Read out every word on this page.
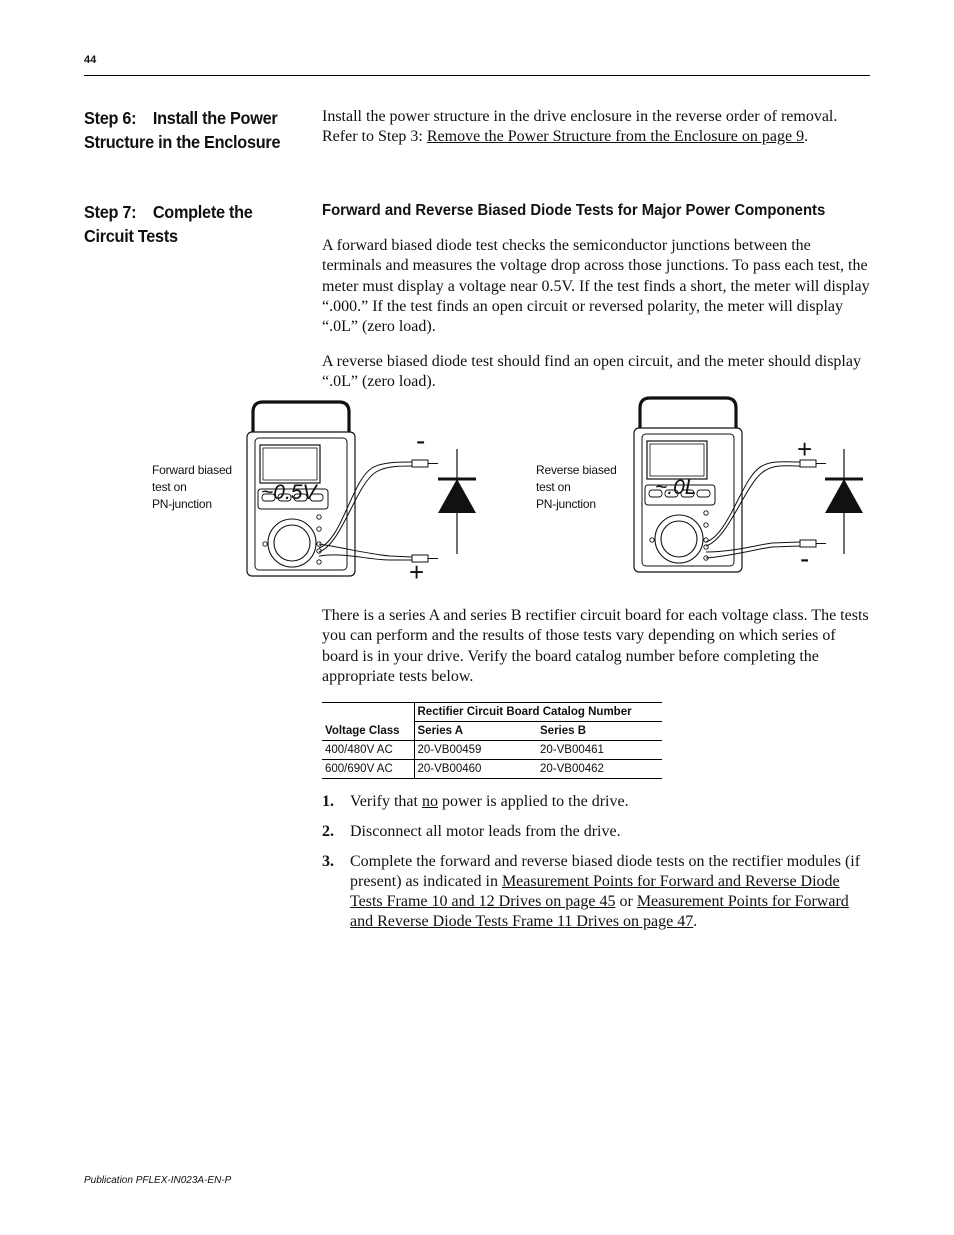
44
Step 6: Install the Power
Structure in the Enclosure

Install the power structure in the drive enclosure in the reverse order of removal. Refer to Step 3: Remove the Power Structure from the Enclosure on page 9.

Step 7: Complete the
Circuit Tests
Forward and Reverse Biased Diode Tests for Major Power Components

A forward biased diode test checks the semiconductor junctions between the terminals and measures the voltage drop across those junctions. To pass each test, the meter must display a voltage near 0.5V. If the test finds a short, the meter will display “.000.” If the test finds an open circuit or reversed polarity, the meter will display “.0L” (zero load).

A reverse biased diode test should find an open circuit, and the meter should display “.0L” (zero load).

Forward biased
test on
PN-junction
Reverse biased
test on
PN-junction
~0.5V
-
+
~.0L
+
-

There is a series A and series B rectifier circuit board for each voltage class. The tests you can perform and the results of those tests vary depending on which series of board is in your drive. Verify the board catalog number before completing the appropriate tests below.

	Rectifier Circuit Board Catalog Number	
Voltage Class	Series A	Series B
400/480V AC	20-VB00459	20-VB00461
600/690V AC	20-VB00460	20-VB00462
1. Verify that no power is applied to the drive.
2. Disconnect all motor leads from the drive.
3. Complete the forward and reverse biased diode tests on the rectifier modules (if present) as indicated in Measurement Points for Forward and Reverse Diode Tests Frame 10 and 12 Drives on page 45 or Measurement Points for Forward and Reverse Diode Tests Frame 11 Drives on page 47.
Publication PFLEX-IN023A-EN-P
